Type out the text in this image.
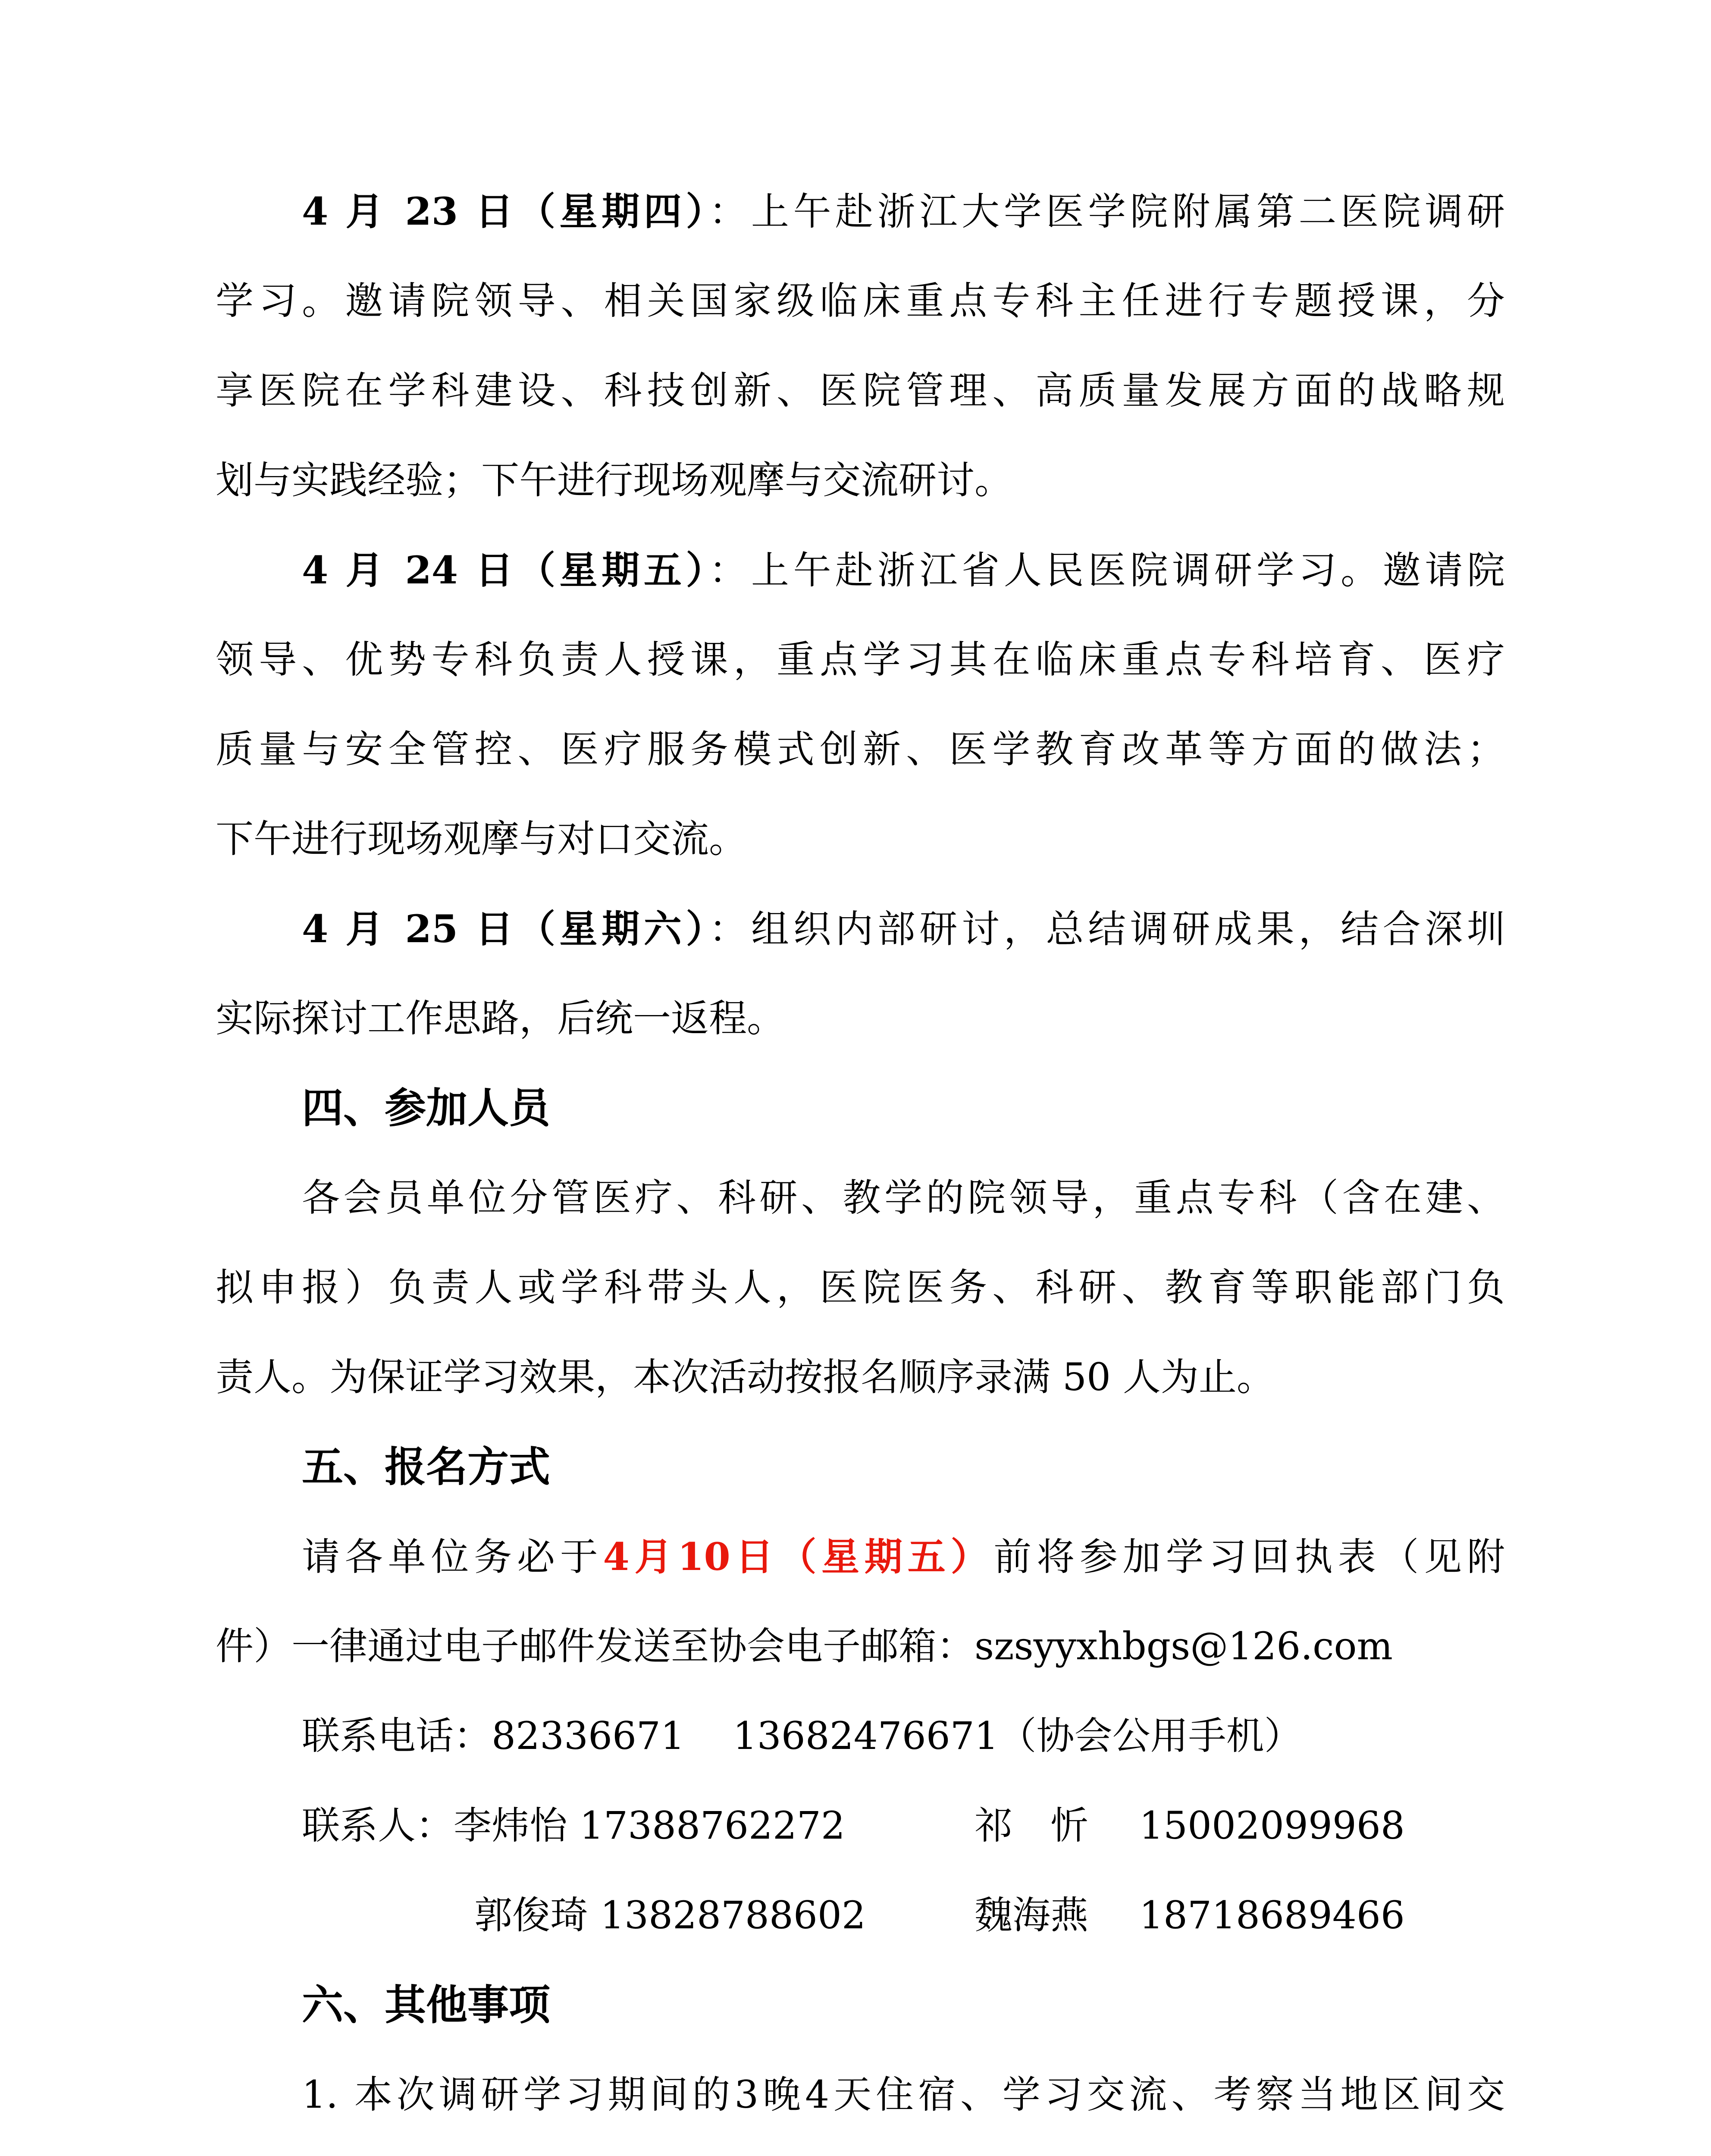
4 月 23 日（星期四）：上午赴浙江大学医学院附属第二医院调研
学习。邀请院领导、相关国家级临床重点专科主任进行专题授课，分
享医院在学科建设、科技创新、医院管理、高质量发展方面的战略规
划与实践经验；下午进行现场观摩与交流研讨。
4 月 24 日（星期五）：上午赴浙江省人民医院调研学习。邀请院
领导、优势专科负责人授课，重点学习其在临床重点专科培育、医疗
质量与安全管控、医疗服务模式创新、医学教育改革等方面的做法；
下午进行现场观摩与对口交流。
4 月 25 日（星期六）：组织内部研讨，总结调研成果，结合深圳
实际探讨工作思路，后统一返程。
四、参加人员
各会员单位分管医疗、科研、教学的院领导，重点专科（含在建、
拟申报）负责人或学科带头人，医院医务、科研、教育等职能部门负
责人。为保证学习效果，本次活动按报名顺序录满 50 人为止。
五、报名方式
请各单位务必于4月10日（星期五）前将参加学习回执表（见附
件）一律通过电子邮件发送至协会电子邮箱：szsyyxhbgs@126.com
联系电话：82336671    13682476671（协会公用手机）
联系人：李炜怡 17388762272	祁　忻 15002099968
郭俊琦 13828788602	魏海燕 18718689466
六、其他事项
1. 本次调研学习期间的3晚4天住宿、学习交流、考察当地区间交
